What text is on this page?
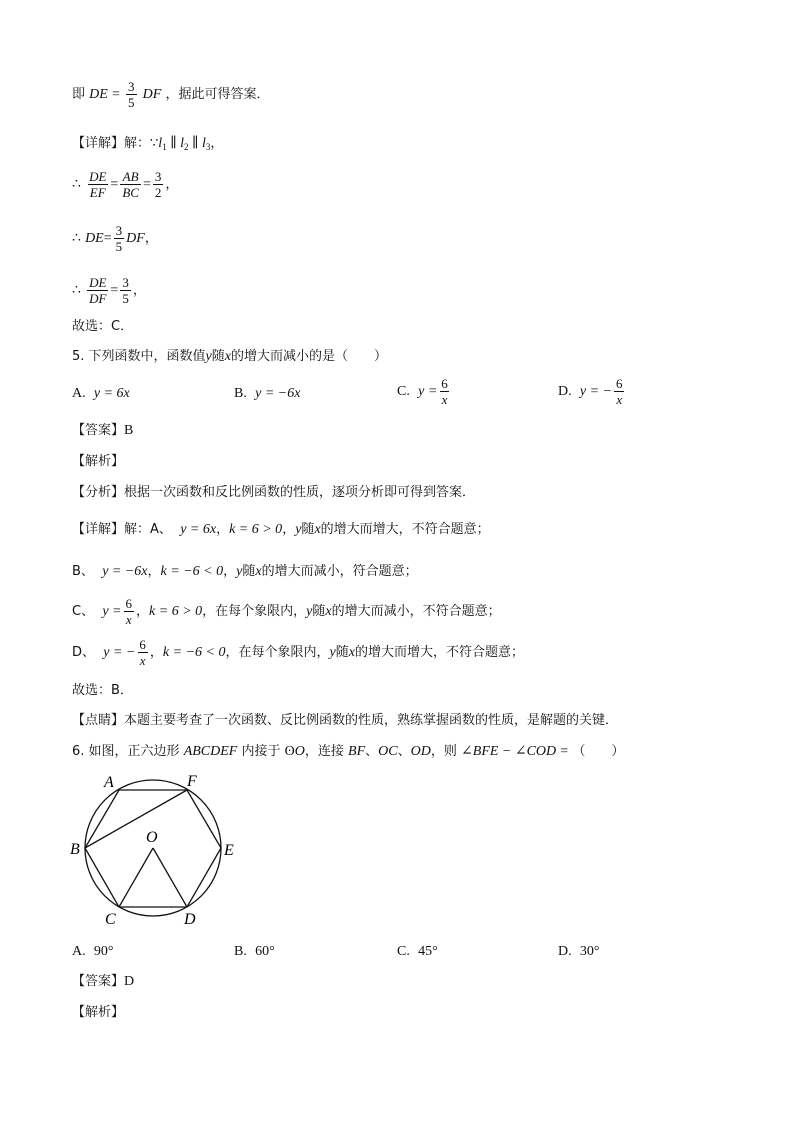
即 DE = $\frac{3}{5}$ DF ，据此可得答案．
【详解】解：$\because l_1$ ∥ $l_2$ ∥ $l_3$，
∴ $\frac{DE}{EF} = \frac{AB}{BC} = \frac{3}{2}$ ，
∴ $DE= \frac{3}{5}$ DF，
∴ $\frac{DE}{DF} = \frac{3}{5}$ ，
故选：C．
5. 下列函数中，函数值y随x的增大而减小的是（　　）
A. y = 6x	B. y = −6x	C. $y = \frac{6}{x}$	D. y = − $\frac{6}{x}$
【答案】B
【解析】
【分析】根据一次函数和反比例函数的性质，逐项分析即可得到答案．
【详解】解：A、 y = 6x，k = 6 > 0，y随x的增大而增大，不符合题意；
B、 y = −6x，k = −6 < 0，y随x的增大而减小，符合题意；
C、 $y = \frac{6}{x}$ ，k = 6 > 0，在每个象限内，y随x的增大而减小，不符合题意；
D、 y = − $\frac{6}{x}$ ，k = −6 < 0，在每个象限内，y随x的增大而增大，不符合题意；
故选：B．
【点睛】本题主要考查了一次函数、反比例函数的性质，熟练掌握函数的性质，是解题的关键．
6. 如图，正六边形 ABCDEF 内接于 ʘO，连接 BF、OC、OD，则 ∠BFE − ∠COD = （　　）
A	F
B	E
O
C	D
A. 90°	B. 60°	C. 45°	D. 30°
【答案】D
【解析】
